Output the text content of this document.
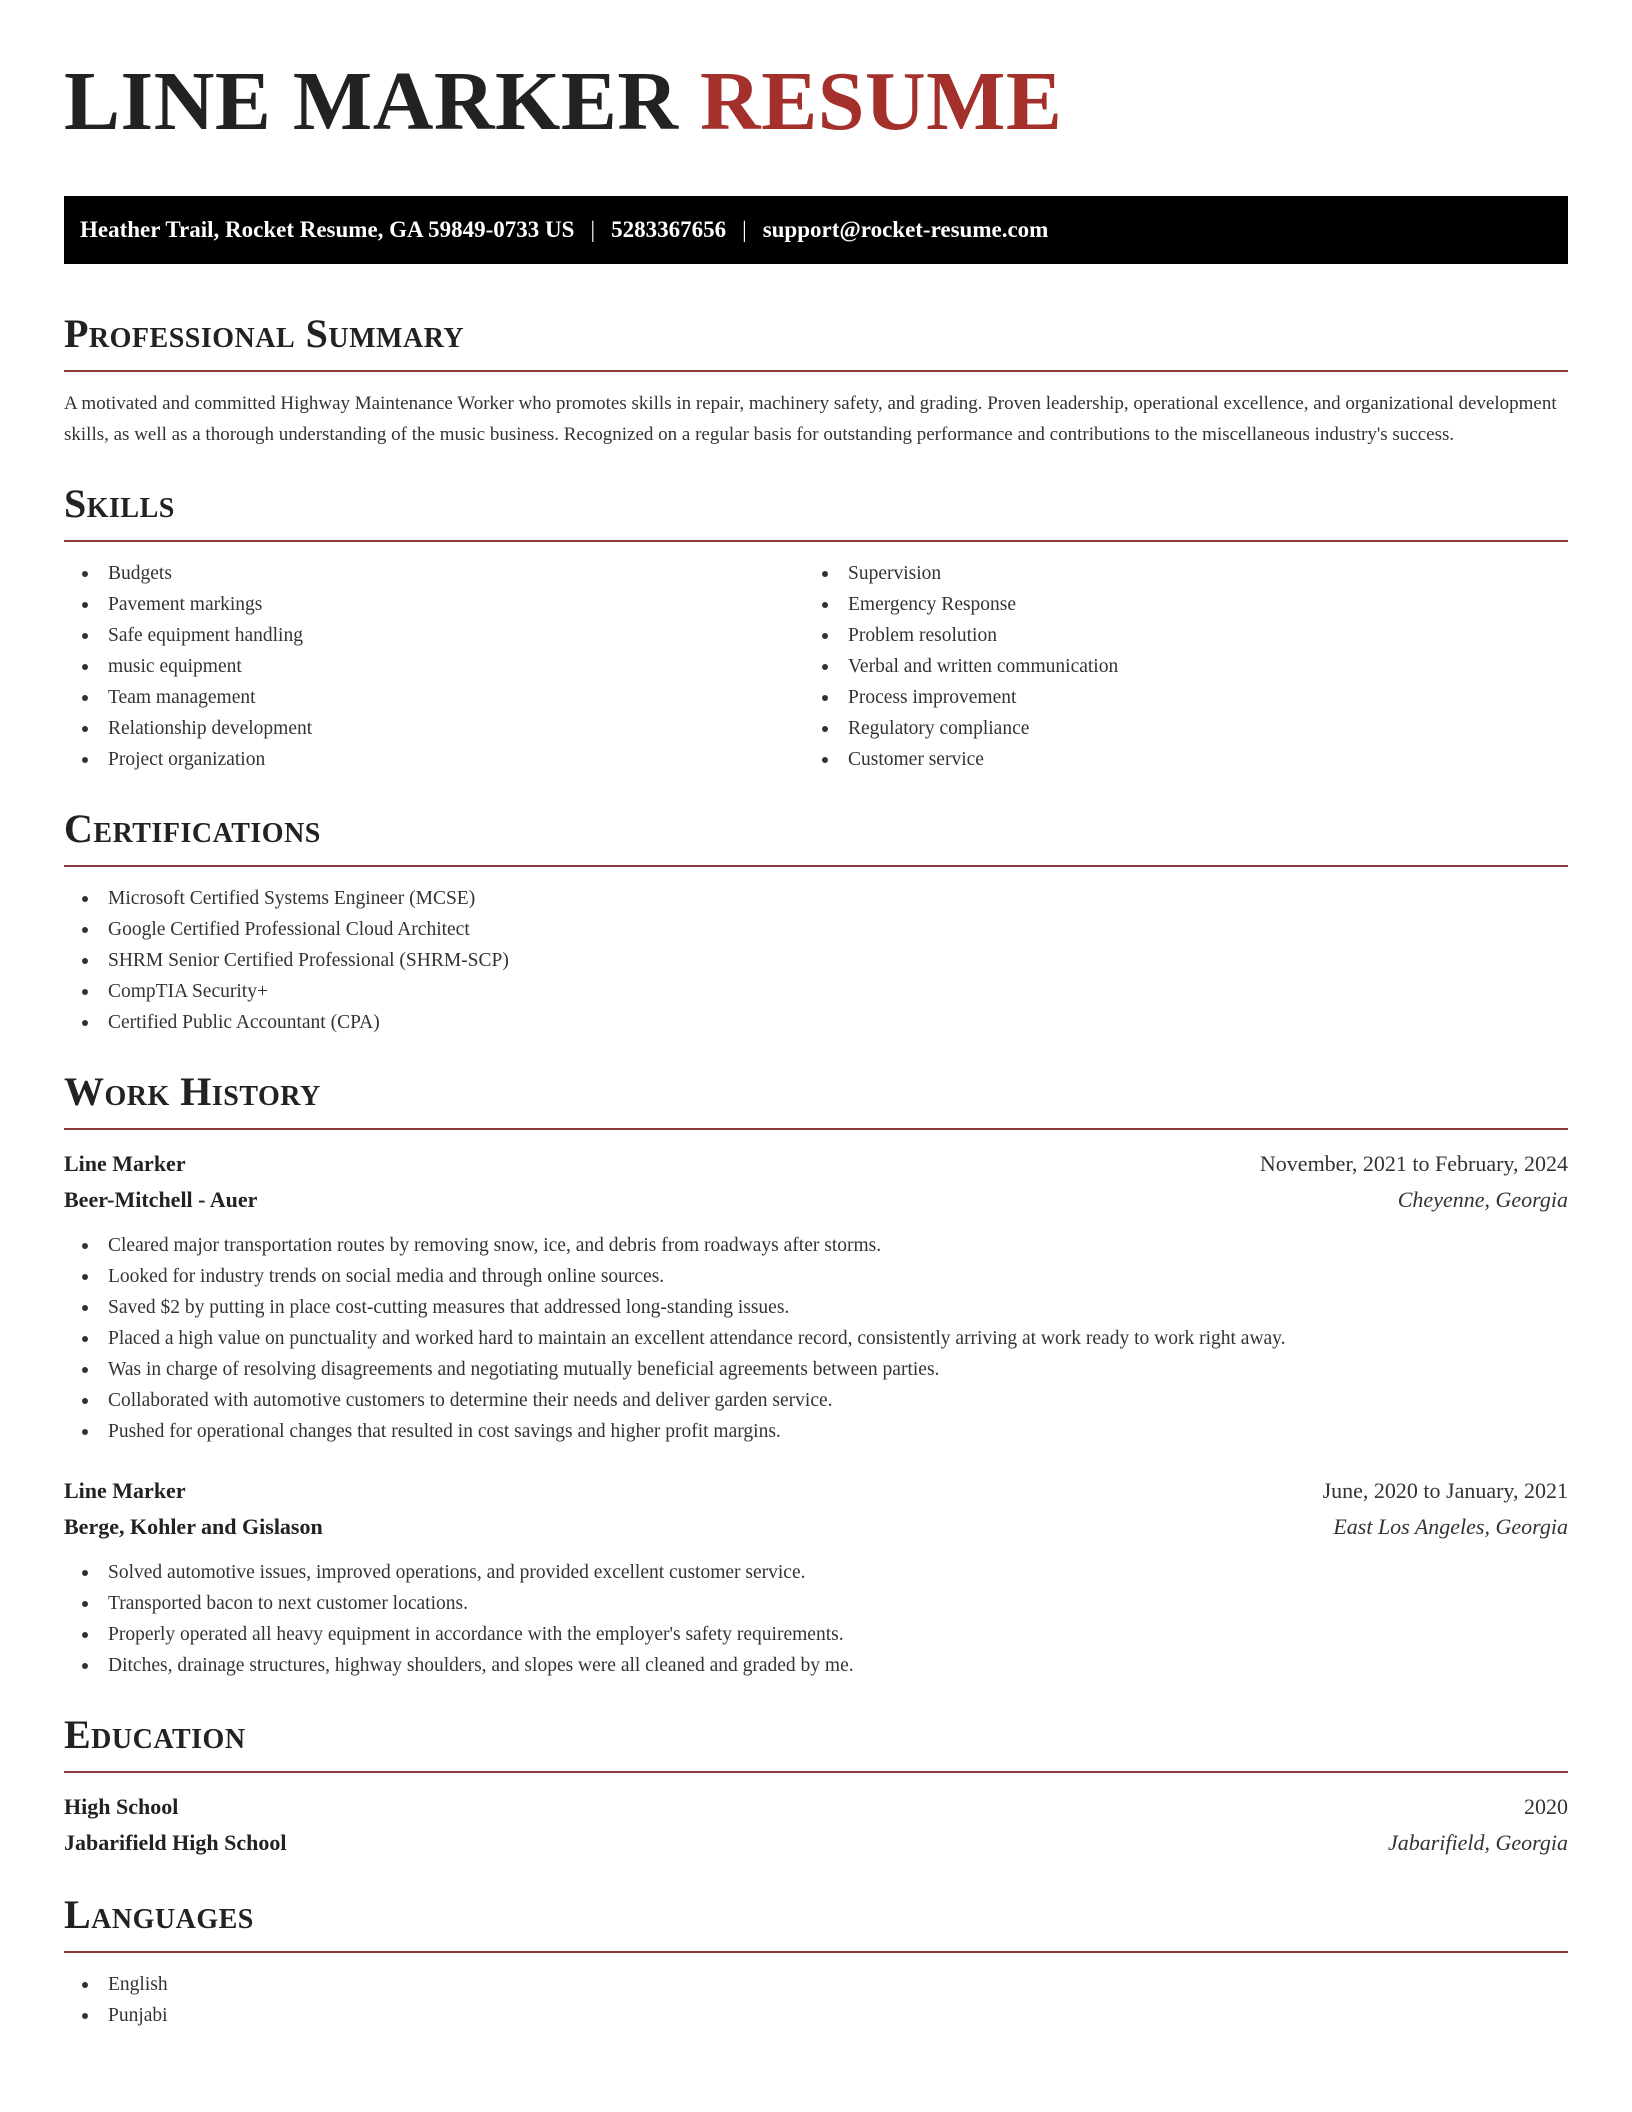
LINE MARKER RESUME
Heather Trail, Rocket Resume, GA 59849-0733 US | 5283367656 | support@rocket-resume.com
Professional Summary

A motivated and committed Highway Maintenance Worker who promotes skills in repair, machinery safety, and grading. Proven leadership, operational excellence, and organizational development skills, as well as a thorough understanding of the music business. Recognized on a regular basis for outstanding performance and contributions to the miscellaneous industry's success.

Skills
Budgets
Pavement markings
Safe equipment handling
music equipment
Team management
Relationship development
Project organization
Supervision
Emergency Response
Problem resolution
Verbal and written communication
Process improvement
Regulatory compliance
Customer service
Certifications
Microsoft Certified Systems Engineer (MCSE)
Google Certified Professional Cloud Architect
SHRM Senior Certified Professional (SHRM-SCP)
CompTIA Security+
Certified Public Accountant (CPA)
Work History
Line Marker	November, 2021 to February, 2024
Beer-Mitchell - Auer	Cheyenne, Georgia
Cleared major transportation routes by removing snow, ice, and debris from roadways after storms.
Looked for industry trends on social media and through online sources.
Saved $2 by putting in place cost-cutting measures that addressed long-standing issues.
Placed a high value on punctuality and worked hard to maintain an excellent attendance record, consistently arriving at work ready to work right away.
Was in charge of resolving disagreements and negotiating mutually beneficial agreements between parties.
Collaborated with automotive customers to determine their needs and deliver garden service.
Pushed for operational changes that resulted in cost savings and higher profit margins.
Line Marker	June, 2020 to January, 2021
Berge, Kohler and Gislason	East Los Angeles, Georgia
Solved automotive issues, improved operations, and provided excellent customer service.
Transported bacon to next customer locations.
Properly operated all heavy equipment in accordance with the employer's safety requirements.
Ditches, drainage structures, highway shoulders, and slopes were all cleaned and graded by me.
Education
High School	2020
Jabarifield High School	Jabarifield, Georgia
Languages
English
Punjabi
